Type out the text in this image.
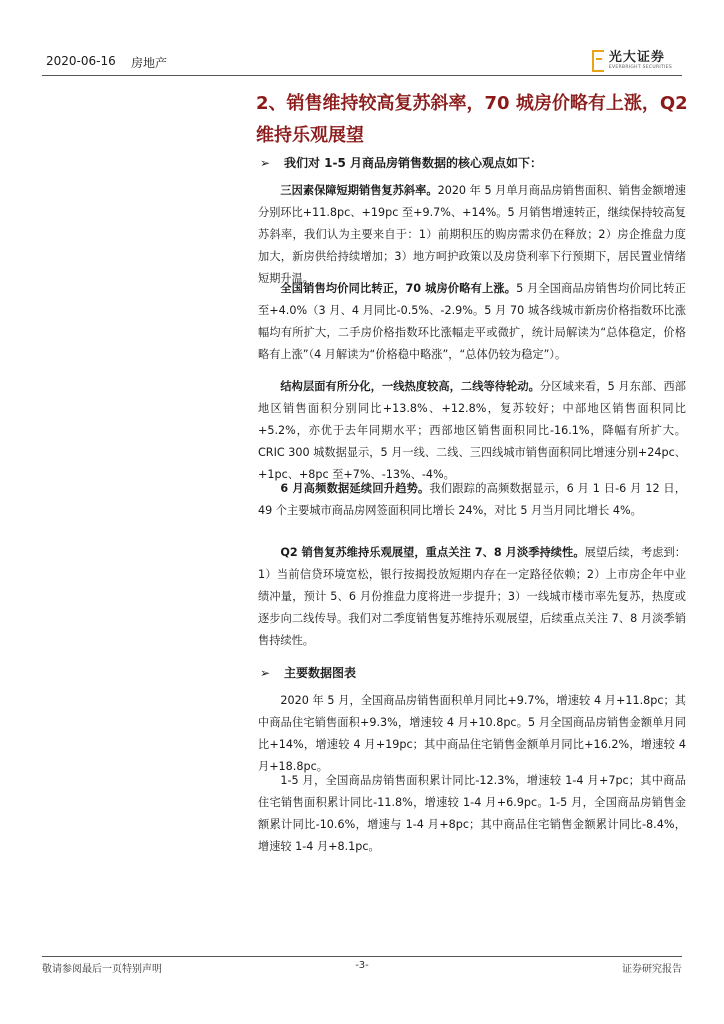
2020-06-16 房地产	光大证券
EVERBRIGHT SECURITIES
2、销售维持较高复苏斜率，70 城房价略有上涨，Q2 维持乐观展望
➢ 我们对 1-5 月商品房销售数据的核心观点如下：
三因素保障短期销售复苏斜率。2020 年 5 月单月商品房销售面积、销售金额增速分别环比+11.8pc、+19pc 至+9.7%、+14%。5 月销售增速转正，继续保持较高复苏斜率，我们认为主要来自于：1）前期积压的购房需求仍在释放；2）房企推盘力度加大，新房供给持续增加；3）地方呵护政策以及房贷利率下行预期下，居民置业情绪短期升温。
全国销售均价同比转正，70 城房价略有上涨。5 月全国商品房销售均价同比转正至+4.0%（3 月、4 月同比-0.5%、-2.9%。5 月 70 城各线城市新房价格指数环比涨幅均有所扩大，二手房价格指数环比涨幅走平或微扩，统计局解读为“总体稳定，价格略有上涨”（4 月解读为“价格稳中略涨”，“总体仍较为稳定”）。
结构层面有所分化，一线热度较高，二线等待轮动。分区域来看，5 月东部、西部地区销售面积分别同比+13.8%、+12.8%，复苏较好；中部地区销售面积同比+5.2%，亦优于去年同期水平；西部地区销售面积同比-16.1%，降幅有所扩大。CRIC 300 城数据显示，5 月一线、二线、三四线城市销售面积同比增速分别+24pc、+1pc、+8pc 至+7%、-13%、-4%。
6 月高频数据延续回升趋势。我们跟踪的高频数据显示，6 月 1 日-6 月 12 日，49 个主要城市商品房网签面积同比增长 24%，对比 5 月当月同比增长 4%。
Q2 销售复苏维持乐观展望，重点关注 7、8 月淡季持续性。展望后续，考虑到：1）当前信贷环境宽松，银行按揭投放短期内存在一定路径依赖；2）上市房企年中业绩冲量，预计 5、6 月份推盘力度将进一步提升；3）一线城市楼市率先复苏，热度或逐步向二线传导。我们对二季度销售复苏维持乐观展望，后续重点关注 7、8 月淡季销售持续性。
➢ 主要数据图表
2020 年 5 月，全国商品房销售面积单月同比+9.7%，增速较 4 月+11.8pc；其中商品住宅销售面积+9.3%，增速较 4 月+10.8pc。5 月全国商品房销售金额单月同比+14%，增速较 4 月+19pc；其中商品住宅销售金额单月同比+16.2%，增速较 4 月+18.8pc。
1-5 月，全国商品房销售面积累计同比-12.3%，增速较 1-4 月+7pc；其中商品住宅销售面积累计同比-11.8%，增速较 1-4 月+6.9pc。1-5 月，全国商品房销售金额累计同比-10.6%，增速与 1-4 月+8pc；其中商品住宅销售金额累计同比-8.4%，增速较 1-4 月+8.1pc。
敬请参阅最后一页特别声明	-3-	证券研究报告
